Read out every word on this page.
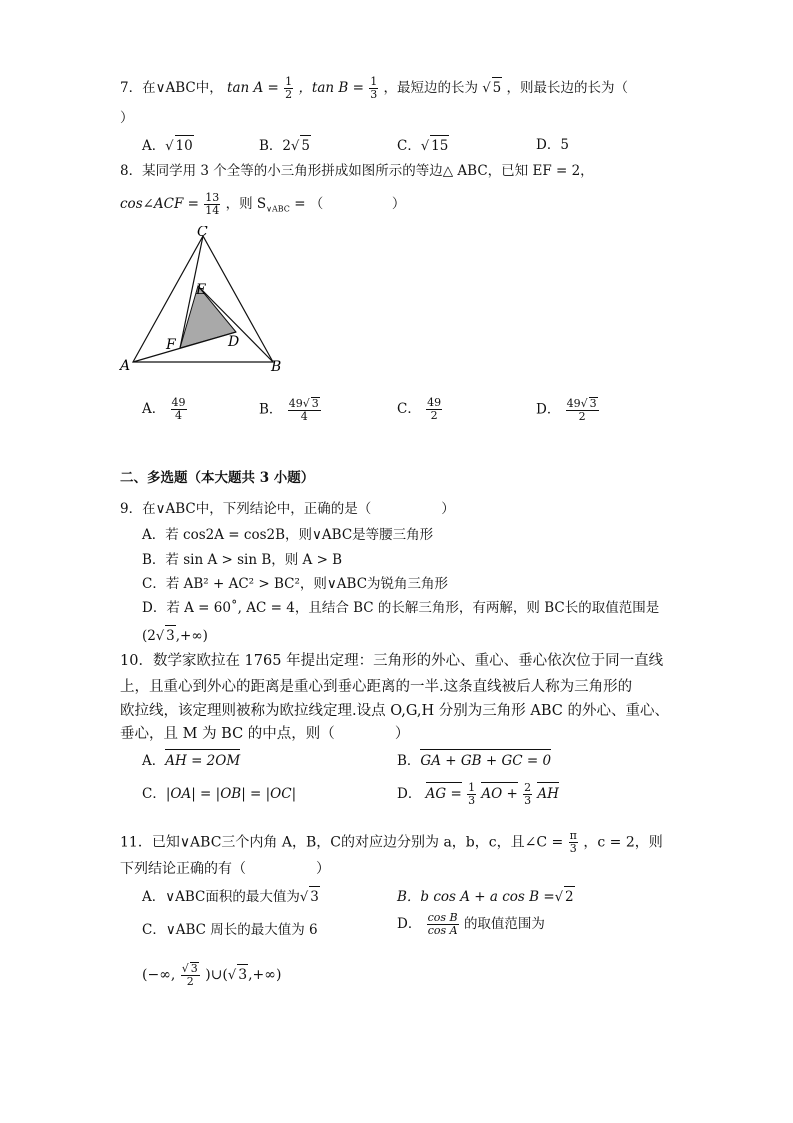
7．在∨ABC中， $\tan A = \frac{1}{2}$ ，$\tan B = \frac{1}{3}$ ，最短边的长为 √ 5 ，则最长边的长为（
）
A．√ 10	B．2√ 5	C．√ 15	D．5
8．某同学用 3 个全等的小三角形拼成如图所示的等边△ ABC，已知 EF = 2，
cos∠ACF = $\frac{13}{14}$ ，则 $S_{\vee ABC}$ = （	）
C
E
F	D
A	B
A． $\frac{49}{4}$	B． $\frac{49√ 3}{4}$	C． $\frac{49}{2}$	D． $\frac{49√ 3}{2}$
二、多选题（本大题共 3 小题）
9．在∨ABC中，下列结论中，正确的是（	）
A．若 cos2A = cos2B，则∨ABC是等腰三角形
B．若 sin A > sin B，则 A > B
C．若 AB² + AC² > BC²，则∨ABC为锐角三角形
D．若 A = 60˚, AC = 4，且结合 BC 的长解三角形，有两解，则 BC长的取值范围是
(2√ 3,+∞)
10．数学家欧拉在 1765 年提出定理：三角形的外心、重心、垂心依次位于同一直线
上，且重心到外心的距离是重心到垂心距离的一半.这条直线被后人称为三角形的
欧拉线，该定理则被称为欧拉线定理.设点 O,G,H 分别为三角形 ABC 的外心、重心、
垂心，且 M 为 BC 的中点，则（	）
A．AH = 2OM	B．GA + GB + GC = 0
C．|OA| = |OB| = |OC|	D． AG = $\frac{1}{3}$ AO + $\frac{2}{3}$ AH
11．已知∨ABC三个内角 A，B，C的对应边分别为 a，b，c，且∠C = $\frac{\pi}{3}$ ，c = 2，则
下列结论正确的有（	）
A．∨ABC面积的最大值为√ 3	B．b cos A + a cos B =√ 2
C．∨ABC 周长的最大值为 6	D． $\frac{\text{cos B}}{\text{cos A}}$ 的取值范围为
(−∞, $\frac{√ 3}{2}$ )∪(√ 3,+∞)
